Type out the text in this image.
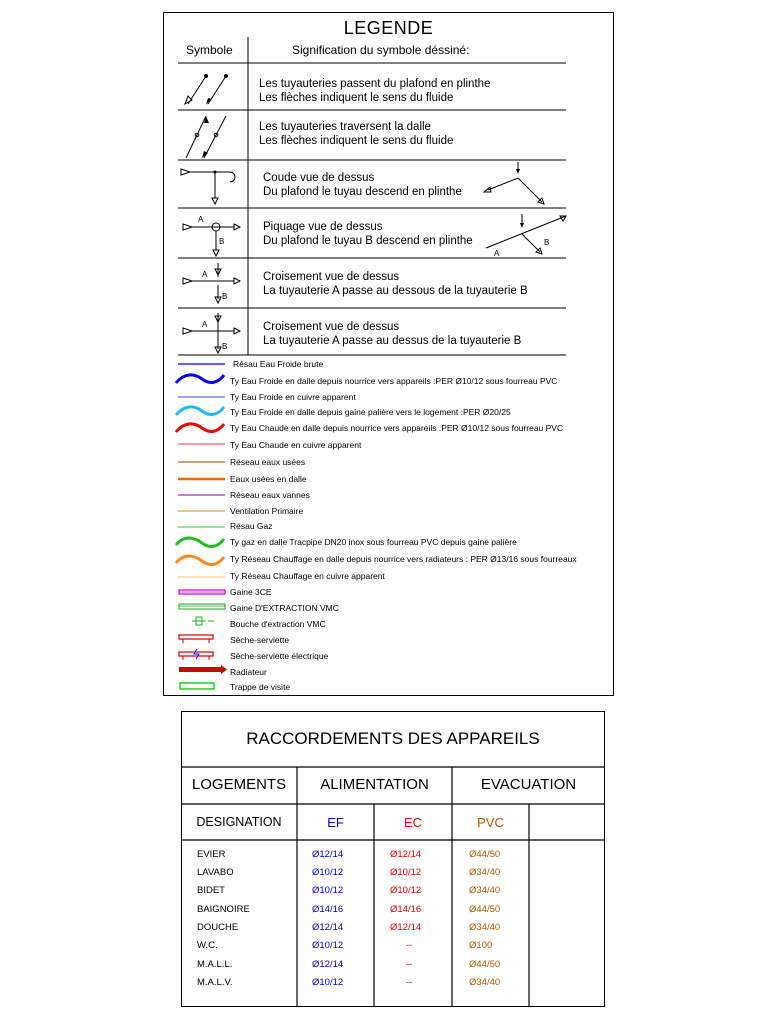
LEGENDE
Symbole	Signification du symbole déssiné:
A
B
A
B
A
B
A
B
Les tuyauteries passent du plafond en plinthe
Les flèches indiquent le sens du fluide
Les tuyauteries traversent la dalle
Les flèches indiquent le sens du fluide
Coude vue de dessus
Du plafond le tuyau descend en plinthe
Piquage vue de dessus
Du plafond le tuyau B descend en plinthe
Croisement vue de dessus
La tuyauterie A passe au dessous de la tuyauterie B
Croisement vue de dessus
La tuyauterie A passe au dessus de la tuyauterie B
Résau Eau Froide brute
Ty Eau Froide en dalle depuis nourrice vers appareils :PER Ø10/12 sous fourreau PVC
Ty Eau Froide en cuivre apparent
Ty Eau Froide en dalle depuis gaine palière vers le logement :PER Ø20/25
Ty Eau Chaude en dalle depuis nourrice vers appareils :PER Ø10/12 sous fourreau PVC
Ty Eau Chaude en cuivre apparent
Réseau eaux usées
Eaux usées en dalle
Réseau eaux vannes
Ventilation Primaire
Résau Gaz
Ty gaz en dalle Tracpipe DN20 inox sous fourreau PVC depuis gaine palière
Ty Réseau Chauffage en dalle depuis nourrice vers radiateurs : PER Ø13/16 sous fourreaux
Ty Réseau Chauffage en cuivre apparent
Gaine 3CE
Gaine D'EXTRACTION VMC
Bouche d'extraction VMC
Sèche-serviette
Sèche-serviette électrique
Radiateur
Trappe de visite
RACCORDEMENTS DES APPAREILS
LOGEMENTS	ALIMENTATION	EVACUATION
DESIGNATION	EF	EC	PVC
EVIER	Ø12/14	Ø12/14	Ø44/50
LAVABO	Ø10/12	Ø10/12	Ø34/40
BIDET	Ø10/12	Ø10/12	Ø34/40
BAIGNOIRE	Ø14/16	Ø14/16	Ø44/50
DOUCHE	Ø12/14	Ø12/14	Ø34/40
W.C.	Ø10/12	--	Ø100
M.A.L.L.	Ø12/14	--	Ø44/50
M.A.L.V.	Ø10/12	--	Ø34/40
